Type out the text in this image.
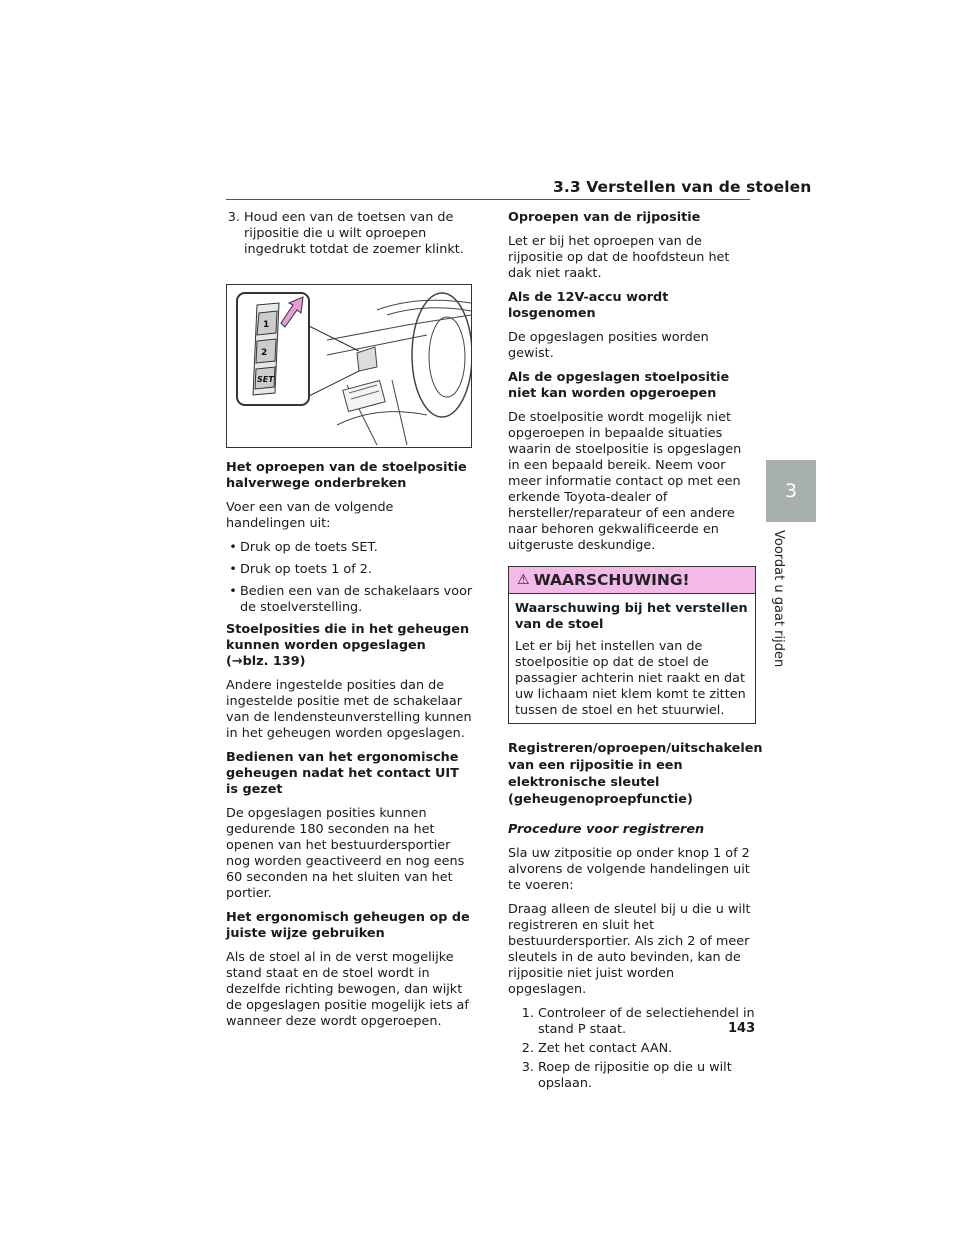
3.3 Verstellen van de stoelen
3. Houd een van de toetsen van de rijpositie die u wilt oproepen ingedrukt totdat de zoemer klinkt.
1
2
SET

Het oproepen van de stoelpositie halverwege onderbreken

Voer een van de volgende handelingen uit:

• Druk op de toets SET.
• Druk op toets 1 of 2.
• Bedien een van de schakelaars voor de stoelverstelling.

Stoelposities die in het geheugen kunnen worden opgeslagen
(→blz. 139)

Andere ingestelde posities dan de ingestelde positie met de schakelaar van de lendensteunverstelling kunnen in het geheugen worden opgeslagen.

Bedienen van het ergonomische geheugen nadat het contact UIT is gezet

De opgeslagen posities kunnen gedurende 180 seconden na het openen van het bestuurdersportier nog worden geactiveerd en nog eens 60 seconden na het sluiten van het portier.

Het ergonomisch geheugen op de juiste wijze gebruiken

Als de stoel al in de verst mogelijke stand staat en de stoel wordt in dezelfde richting bewogen, dan wijkt de opgeslagen positie mogelijk iets af wanneer deze wordt opgeroepen.

Oproepen van de rijpositie

Let er bij het oproepen van de rijpositie op dat de hoofdsteun het dak niet raakt.

Als de 12V-accu wordt losgenomen

De opgeslagen posities worden gewist.

Als de opgeslagen stoelpositie niet kan worden opgeroepen

De stoelpositie wordt mogelijk niet opgeroepen in bepaalde situaties waarin de stoelpositie is opgeslagen in een bepaald bereik. Neem voor meer informatie contact op met een erkende Toyota-dealer of hersteller/reparateur of een andere naar behoren gekwalificeerde en uitgeruste deskundige.

⚠ WAARSCHUWING!

Waarschuwing bij het verstellen van de stoel

Let er bij het instellen van de stoelpositie op dat de stoel de passagier achterin niet raakt en dat uw lichaam niet klem komt te zitten tussen de stoel en het stuurwiel.

Registreren/oproepen/uitschakelen van een rijpositie in een elektronische sleutel (geheugenoproepfunctie)

Procedure voor registreren

Sla uw zitpositie op onder knop 1 of 2 alvorens de volgende handelingen uit te voeren:

Draag alleen de sleutel bij u die u wilt registreren en sluit het bestuurdersportier. Als zich 2 of meer sleutels in de auto bevinden, kan de rijpositie niet juist worden opgeslagen.

1. Controleer of de selectiehendel in stand P staat.
2. Zet het contact AAN.
3. Roep de rijpositie op die u wilt opslaan.
143
3
Voordat u gaat rijden
